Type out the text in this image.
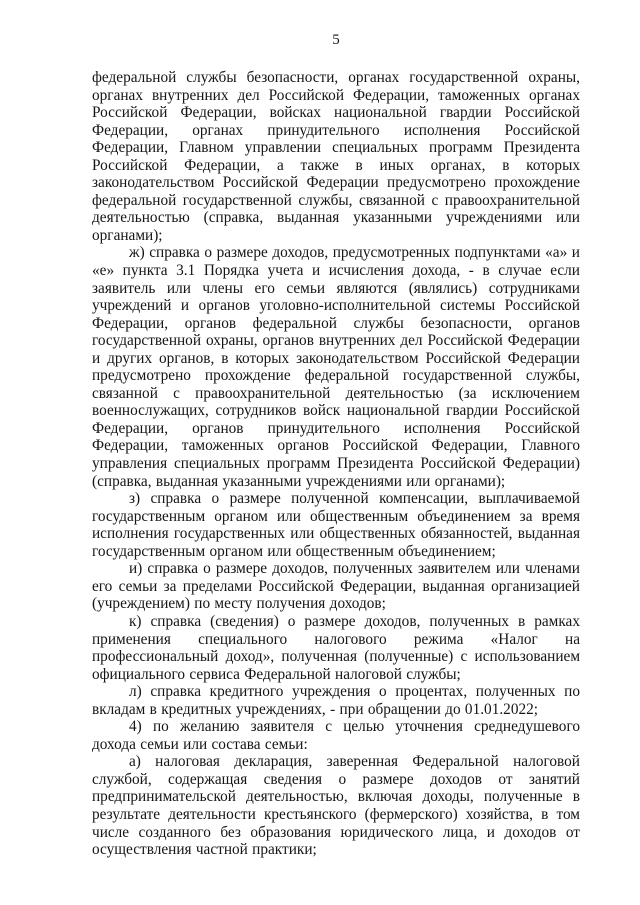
5

федеральной службы безопасности, органах государственной охраны, органах внутренних дел Российской Федерации, таможенных органах Российской Федерации, войсках национальной гвардии Российской Федерации, органах принудительного исполнения Российской Федерации, Главном управлении специальных программ Президента Российской Федерации, а также в иных органах, в которых законодательством Российской Федерации предусмотрено прохождение федеральной государственной службы, связанной с правоохранительной деятельностью (справка, выданная указанными учреждениями или органами);

ж) справка о размере доходов, предусмотренных подпунктами «а» и «е» пункта 3.1 Порядка учета и исчисления дохода, - в случае если заявитель или члены его семьи являются (являлись) сотрудниками учреждений и органов уголовно-исполнительной системы Российской Федерации, органов федеральной службы безопасности, органов государственной охраны, органов внутренних дел Российской Федерации и других органов, в которых законодательством Российской Федерации предусмотрено прохождение федеральной государственной службы, связанной с правоохранительной деятельностью (за исключением военнослужащих, сотрудников войск национальной гвардии Российской Федерации, органов принудительного исполнения Российской Федерации, таможенных органов Российской Федерации, Главного управления специальных программ Президента Российской Федерации) (справка, выданная указанными учреждениями или органами);

з) справка о размере полученной компенсации, выплачиваемой государственным органом или общественным объединением за время исполнения государственных или общественных обязанностей, выданная государственным органом или общественным объединением;

и) справка о размере доходов, полученных заявителем или членами его семьи за пределами Российской Федерации, выданная организацией (учреждением) по месту получения доходов;

к) справка (сведения) о размере доходов, полученных в рамках применения специального налогового режима «Налог на профессиональный доход», полученная (полученные) с использованием официального сервиса Федеральной налоговой службы;

л) справка кредитного учреждения о процентах, полученных по вкладам в кредитных учреждениях, - при обращении до 01.01.2022;

4) по желанию заявителя с целью уточнения среднедушевого дохода семьи или состава семьи:

а) налоговая декларация, заверенная Федеральной налоговой службой, содержащая сведения о размере доходов от занятий предпринимательской деятельностью, включая доходы, полученные в результате деятельности крестьянского (фермерского) хозяйства, в том числе созданного без образования юридического лица, и доходов от осуществления частной практики;
